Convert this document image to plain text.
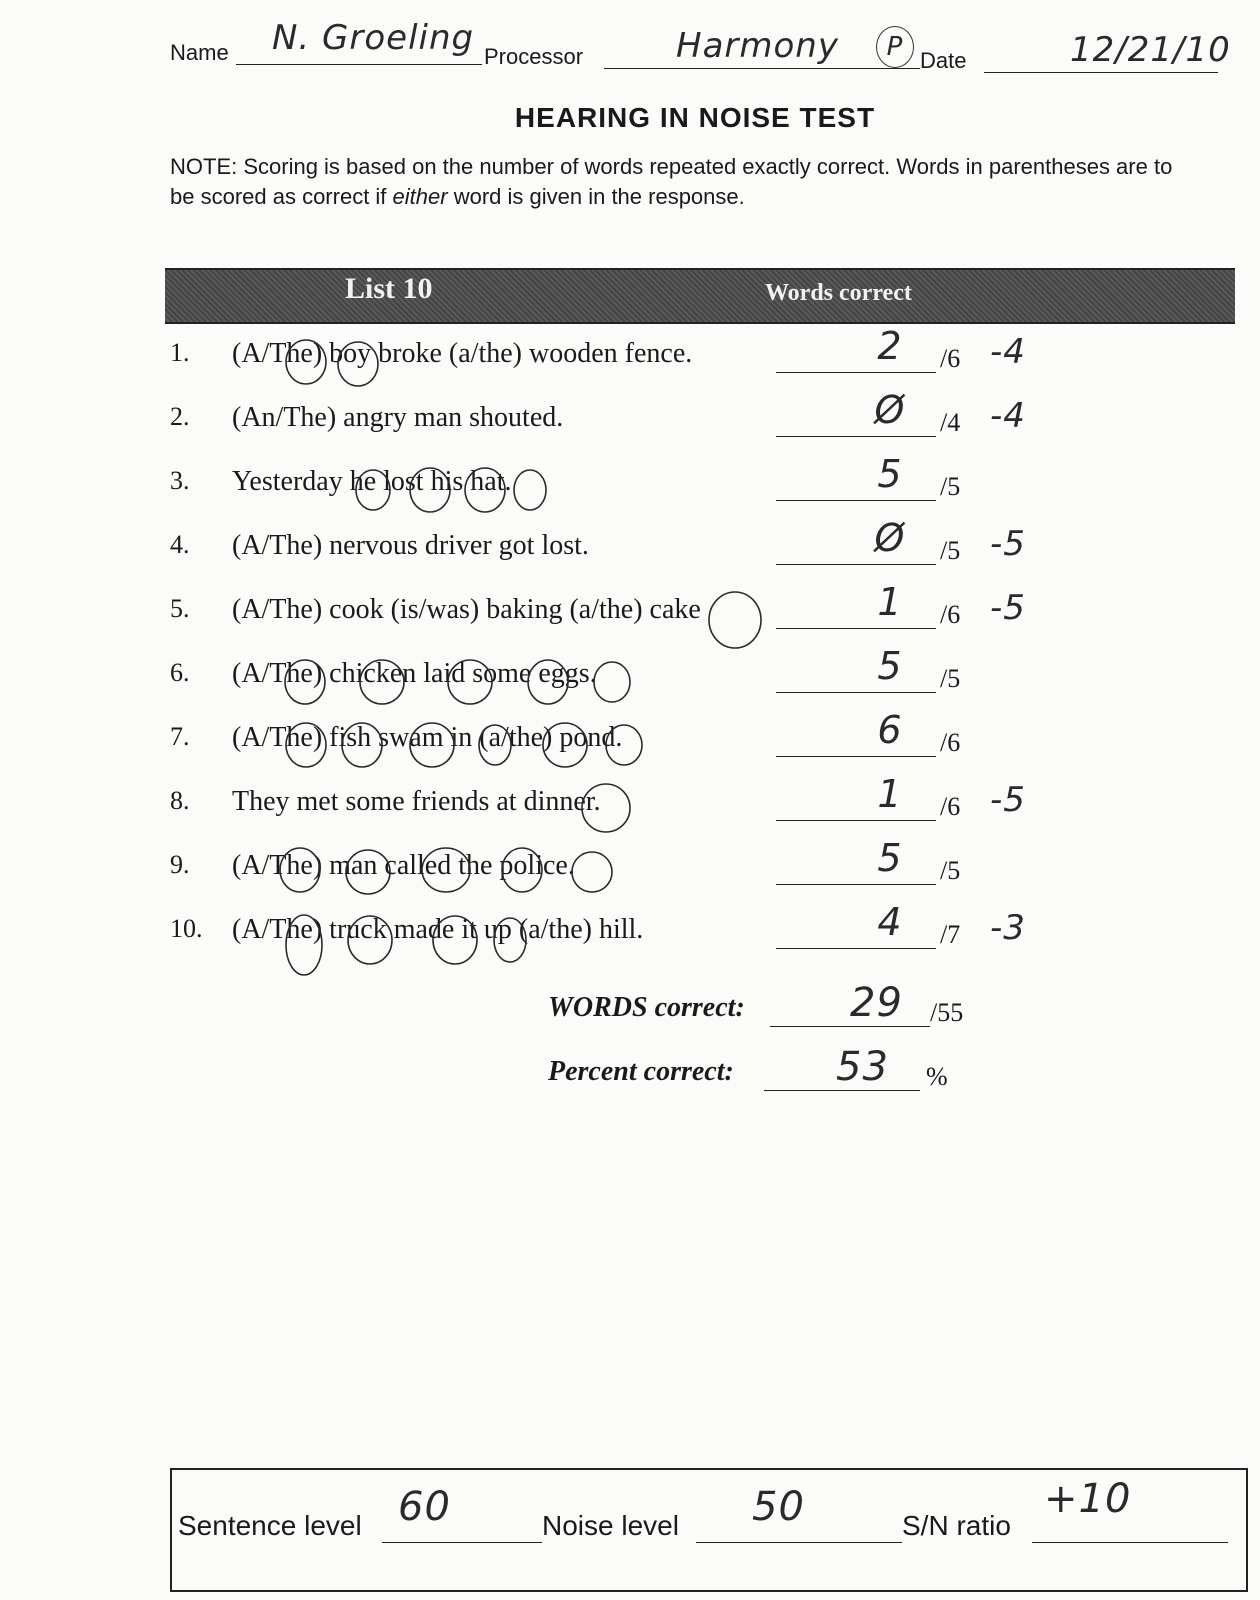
Name N. Groeling Processor	Harmony	P Date	12/21/10
HEARING IN NOISE TEST
NOTE: Scoring is based on the number of words repeated exactly correct. Words in parentheses are to be scored as correct if either word is given in the response.
List 10	Words correct
1. (A/The) boy broke (a/the) wooden fence.	2	/6 -4
2. (An/The) angry man shouted.	Ø	/4 -4
3. Yesterday he lost his hat.	5	/5
4. (A/The) nervous driver got lost.	Ø	/5 -5
5. (A/The) cook (is/was) baking (a/the) cake	1	/6 -5
6. (A/The) chicken laid some eggs.	5	/5
7. (A/The) fish swam in (a/the) pond.	6	/6
8. They met some friends at dinner.	1	/6 -5
9. (A/The) man called the police.	5	/5
10. (A/The) truck made it up (a/the) hill.	4	/7 -3
WORDS correct:	29 /55
Percent correct:	53 %
Sentence level 60	Noise level 50	S/N ratio
+10
